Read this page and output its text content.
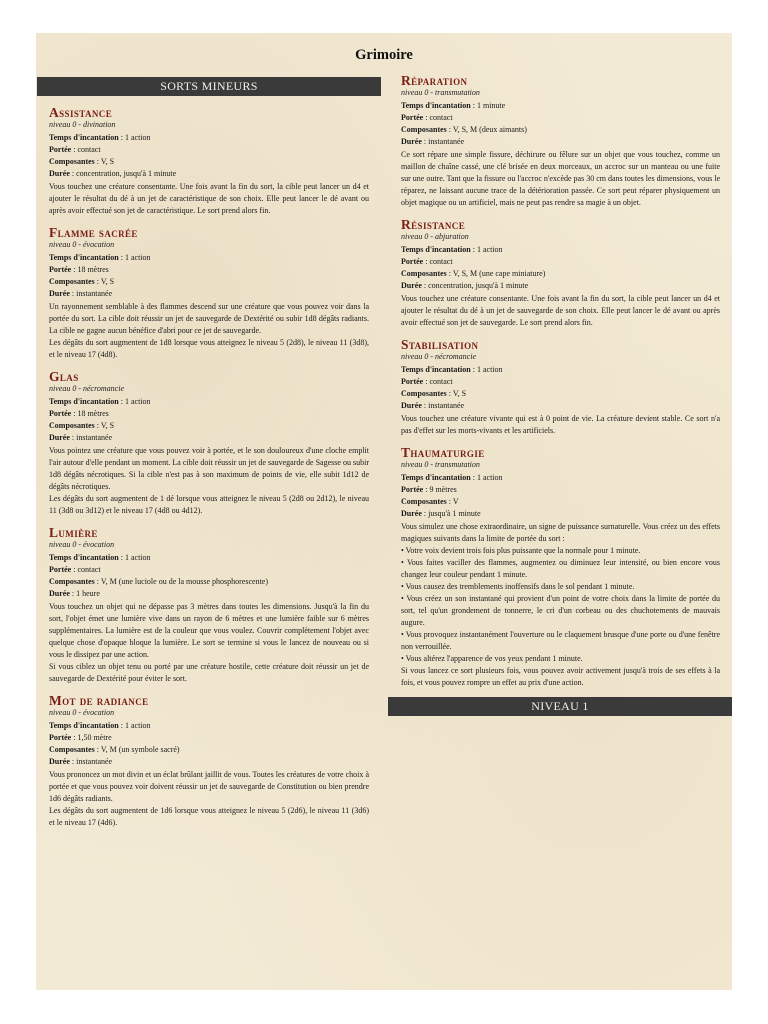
Grimoire
SORTS MINEURS
Assistance
niveau 0 - divination
Temps d'incantation : 1 action
Portée : contact
Composantes : V, S
Durée : concentration, jusqu'à 1 minute

Vous touchez une créature consentante. Une fois avant la fin du sort, la cible peut lancer un d4 et ajouter le résultat du dé à un jet de caractéristique de son choix. Elle peut lancer le dé avant ou après avoir effectué son jet de caractéristique. Le sort prend alors fin.

Flamme sacrée
niveau 0 - évocation
Temps d'incantation : 1 action
Portée : 18 mètres
Composantes : V, S
Durée : instantanée

Un rayonnement semblable à des flammes descend sur une créature que vous pouvez voir dans la portée du sort. La cible doit réussir un jet de sauvegarde de Dextérité ou subir 1d8 dégâts radiants. La cible ne gagne aucun bénéfice d'abri pour ce jet de sauvegarde.

Les dégâts du sort augmentent de 1d8 lorsque vous atteignez le niveau 5 (2d8), le niveau 11 (3d8), et le niveau 17 (4d8).

Glas
niveau 0 - nécromancie
Temps d'incantation : 1 action
Portée : 18 mètres
Composantes : V, S
Durée : instantanée

Vous pointez une créature que vous pouvez voir à portée, et le son douloureux d'une cloche emplit l'air autour d'elle pendant un moment. La cible doit réussir un jet de sauvegarde de Sagesse ou subir 1d8 dégâts nécrotiques. Si la cible n'est pas à son maximum de points de vie, elle subit 1d12 de dégâts nécrotiques.

Les dégâts du sort augmentent de 1 dé lorsque vous atteignez le niveau 5 (2d8 ou 2d12), le niveau 11 (3d8 ou 3d12) et le niveau 17 (4d8 ou 4d12).

Lumière
niveau 0 - évocation
Temps d'incantation : 1 action
Portée : contact
Composantes : V, M (une luciole ou de la mousse phosphorescente)
Durée : 1 heure

Vous touchez un objet qui ne dépasse pas 3 mètres dans toutes les dimensions. Jusqu'à la fin du sort, l'objet émet une lumière vive dans un rayon de 6 mètres et une lumière faible sur 6 mètres supplémentaires. La lumière est de la couleur que vous voulez. Couvrir complètement l'objet avec quelque chose d'opaque bloque la lumière. Le sort se termine si vous le lancez de nouveau ou si vous le dissipez par une action.

Si vous ciblez un objet tenu ou porté par une créature hostile, cette créature doit réussir un jet de sauvegarde de Dextérité pour éviter le sort.

Mot de radiance
niveau 0 - évocation
Temps d'incantation : 1 action
Portée : 1,50 mètre
Composantes : V, M (un symbole sacré)
Durée : instantanée

Vous prononcez un mot divin et un éclat brûlant jaillit de vous. Toutes les créatures de votre choix à portée et que vous pouvez voir doivent réussir un jet de sauvegarde de Constitution ou bien prendre 1d6 dégâts radiants.

Les dégâts du sort augmentent de 1d6 lorsque vous atteignez le niveau 5 (2d6), le niveau 11 (3d6) et le niveau 17 (4d6).

Réparation
niveau 0 - transmutation
Temps d'incantation : 1 minute
Portée : contact
Composantes : V, S, M (deux aimants)
Durée : instantanée

Ce sort répare une simple fissure, déchirure ou fêlure sur un objet que vous touchez, comme un maillon de chaîne cassé, une clé brisée en deux morceaux, un accroc sur un manteau ou une fuite sur une outre. Tant que la fissure ou l'accroc n'excède pas 30 cm dans toutes les dimensions, vous le réparez, ne laissant aucune trace de la détérioration passée. Ce sort peut réparer physiquement un objet magique ou un artificiel, mais ne peut pas rendre sa magie à un objet.

Résistance
niveau 0 - abjuration
Temps d'incantation : 1 action
Portée : contact
Composantes : V, S, M (une cape miniature)
Durée : concentration, jusqu'à 1 minute

Vous touchez une créature consentante. Une fois avant la fin du sort, la cible peut lancer un d4 et ajouter le résultat du dé à un jet de sauvegarde de son choix. Elle peut lancer le dé avant ou après avoir effectué son jet de sauvegarde. Le sort prend alors fin.

Stabilisation
niveau 0 - nécromancie
Temps d'incantation : 1 action
Portée : contact
Composantes : V, S
Durée : instantanée

Vous touchez une créature vivante qui est à 0 point de vie. La créature devient stable. Ce sort n'a pas d'effet sur les morts-vivants et les artificiels.

Thaumaturgie
niveau 0 - transmutation
Temps d'incantation : 1 action
Portée : 9 mètres
Composantes : V
Durée : jusqu'à 1 minute

Vous simulez une chose extraordinaire, un signe de puissance surnaturelle. Vous créez un des effets magiques suivants dans la limite de portée du sort :

• Votre voix devient trois fois plus puissante que la normale pour 1 minute.

• Vous faites vaciller des flammes, augmentez ou diminuez leur intensité, ou bien encore vous changez leur couleur pendant 1 minute.

• Vous causez des tremblements inoffensifs dans le sol pendant 1 minute.

• Vous créez un son instantané qui provient d'un point de votre choix dans la limite de portée du sort, tel qu'un grondement de tonnerre, le cri d'un corbeau ou des chuchotements de mauvais augure.

• Vous provoquez instantanément l'ouverture ou le claquement brusque d'une porte ou d'une fenêtre non verrouillée.

• Vous altérez l'apparence de vos yeux pendant 1 minute.

Si vous lancez ce sort plusieurs fois, vous pouvez avoir activement jusqu'à trois de ses effets à la fois, et vous pouvez rompre un effet au prix d'une action.

NIVEAU 1
